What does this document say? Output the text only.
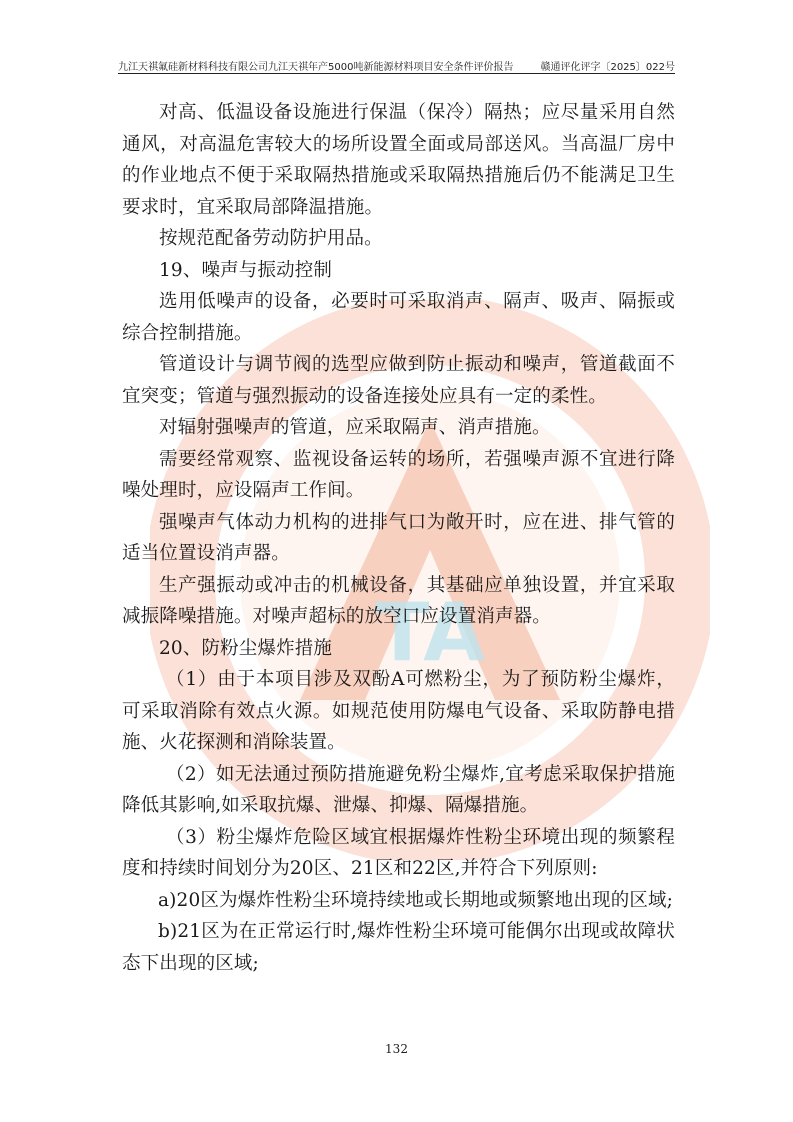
九江天祺氟硅新材料科技有限公司九江天祺年产5000吨新能源材料项目安全条件评价报告	赣通评化评字〔2025〕022号
TA

对高、低温设备设施进行保温（保冷）隔热；应尽量采用自然通风，对高温危害较大的场所设置全面或局部送风。当高温厂房中的作业地点不便于采取隔热措施或采取隔热措施后仍不能满足卫生要求时，宜采取局部降温措施。

按规范配备劳动防护用品。

19、噪声与振动控制

选用低噪声的设备，必要时可采取消声、隔声、吸声、隔振或综合控制措施。

管道设计与调节阀的选型应做到防止振动和噪声，管道截面不宜突变；管道与强烈振动的设备连接处应具有一定的柔性。

对辐射强噪声的管道，应采取隔声、消声措施。

需要经常观察、监视设备运转的场所，若强噪声源不宜进行降噪处理时，应设隔声工作间。

强噪声气体动力机构的进排气口为敞开时，应在进、排气管的适当位置设消声器。

生产强振动或冲击的机械设备，其基础应单独设置，并宜采取减振降噪措施。对噪声超标的放空口应设置消声器。

20、防粉尘爆炸措施

（1）由于本项目涉及双酚A可燃粉尘，为了预防粉尘爆炸，可采取消除有效点火源。如规范使用防爆电气设备、采取防静电措施、火花探测和消除装置。

（2）如无法通过预防措施避免粉尘爆炸,宜考虑采取保护措施降低其影响,如采取抗爆、泄爆、抑爆、隔爆措施。

（3）粉尘爆炸危险区域宜根据爆炸性粉尘环境出现的频繁程度和持续时间划分为20区、21区和22区,并符合下列原则:

a)20区为爆炸性粉尘环境持续地或长期地或频繁地出现的区域;

b)21区为在正常运行时,爆炸性粉尘环境可能偶尔出现或故障状态下出现的区域;

132
